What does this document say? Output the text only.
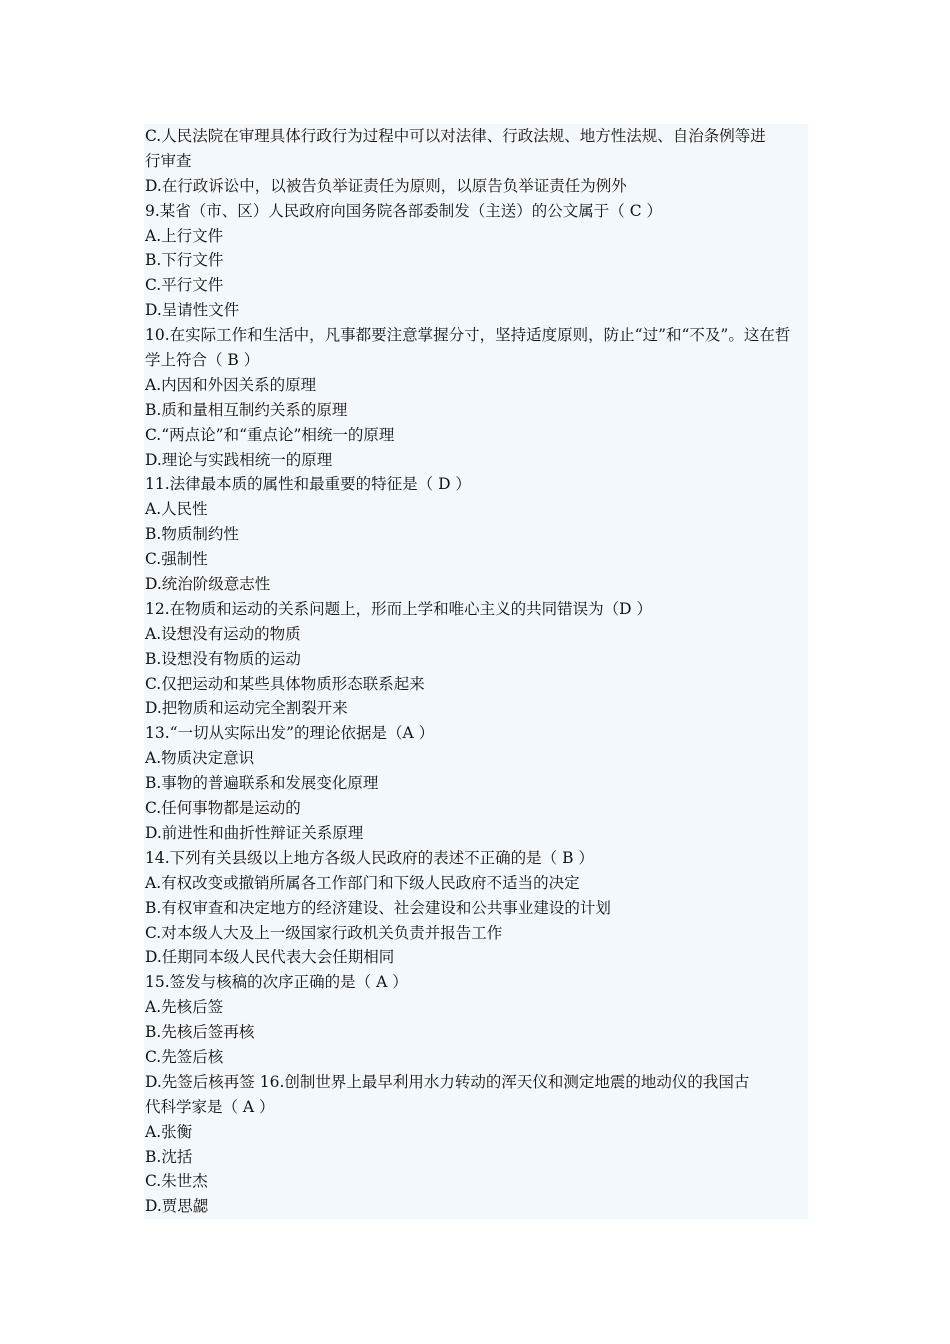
C.人民法院在审理具体行政行为过程中可以对法律、行政法规、地方性法规、自治条例等进
行审查
D.在行政诉讼中，以被告负举证责任为原则，以原告负举证责任为例外
9.某省（市、区）人民政府向国务院各部委制发（主送）的公文属于（ C ）
A.上行文件
B.下行文件
C.平行文件
D.呈请性文件
10.在实际工作和生活中，凡事都要注意掌握分寸，坚持适度原则，防止“过”和“不及”。这在哲
学上符合（ B ）
A.内因和外因关系的原理
B.质和量相互制约关系的原理
C.“两点论”和“重点论”相统一的原理
D.理论与实践相统一的原理
11.法律最本质的属性和最重要的特征是（ D ）
A.人民性
B.物质制约性
C.强制性
D.统治阶级意志性
12.在物质和运动的关系问题上，形而上学和唯心主义的共同错误为（D ）
A.设想没有运动的物质
B.设想没有物质的运动
C.仅把运动和某些具体物质形态联系起来
D.把物质和运动完全割裂开来
13.“一切从实际出发”的理论依据是（A ）
A.物质决定意识
B.事物的普遍联系和发展变化原理
C.任何事物都是运动的
D.前进性和曲折性辩证关系原理
14.下列有关县级以上地方各级人民政府的表述不正确的是（ B ）
A.有权改变或撤销所属各工作部门和下级人民政府不适当的决定
B.有权审查和决定地方的经济建设、社会建设和公共事业建设的计划
C.对本级人大及上一级国家行政机关负责并报告工作
D.任期同本级人民代表大会任期相同
15.签发与核稿的次序正确的是（ A ）
A.先核后签
B.先核后签再核
C.先签后核
D.先签后核再签 16.创制世界上最早利用水力转动的浑天仪和测定地震的地动仪的我国古
代科学家是（ A ）
A.张衡
B.沈括
C.朱世杰
D.贾思勰
